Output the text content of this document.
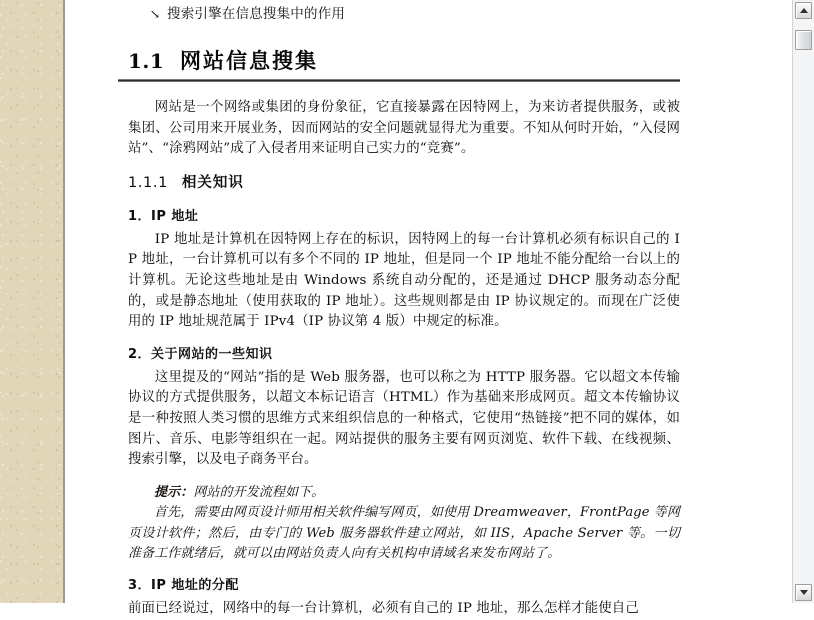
↘ 搜索引擎在信息搜集中的作用
1.1 网站信息搜集

网站是一个网络或集团的身份象征，它直接暴露在因特网上，为来访者提供服务，或被集团、公司用来开展业务，因而网站的安全问题就显得尤为重要。不知从何时开始，“入侵网站”、“涂鸦网站”成了入侵者用来证明自己实力的“竞赛”。

1.1.1 相关知识
1．IP 地址

IP 地址是计算机在因特网上存在的标识，因特网上的每一台计算机必须有标识自己的 IP 地址，一台计算机可以有多个不同的 IP 地址，但是同一个 IP 地址不能分配给一台以上的计算机。无论这些地址是由 Windows 系统自动分配的，还是通过 DHCP 服务动态分配的，或是静态地址（使用获取的 IP 地址）。这些规则都是由 IP 协议规定的。而现在广泛使用的 IP 地址规范属于 IPv4（IP 协议第 4 版）中规定的标准。

2．关于网站的一些知识

这里提及的“网站”指的是 Web 服务器，也可以称之为 HTTP 服务器。它以超文本传输协议的方式提供服务，以超文本标记语言（HTML）作为基础来形成网页。超文本传输协议是一种按照人类习惯的思维方式来组织信息的一种格式，它使用“热链接”把不同的媒体，如图片、音乐、电影等组织在一起。网站提供的服务主要有网页浏览、软件下载、在线视频、搜索引擎，以及电子商务平台。

提示：网站的开发流程如下。

首先，需要由网页设计师用相关软件编写网页，如使用 Dreamweaver，FrontPage 等网页设计软件；然后，由专门的 Web 服务器软件建立网站，如 IIS，Apache Server 等。一切准备工作就绪后，就可以由网站负责人向有关机构申请域名来发布网站了。

3．IP 地址的分配

前面已经说过，网络中的每一台计算机，必须有自己的 IP 地址，那么怎样才能使自己
